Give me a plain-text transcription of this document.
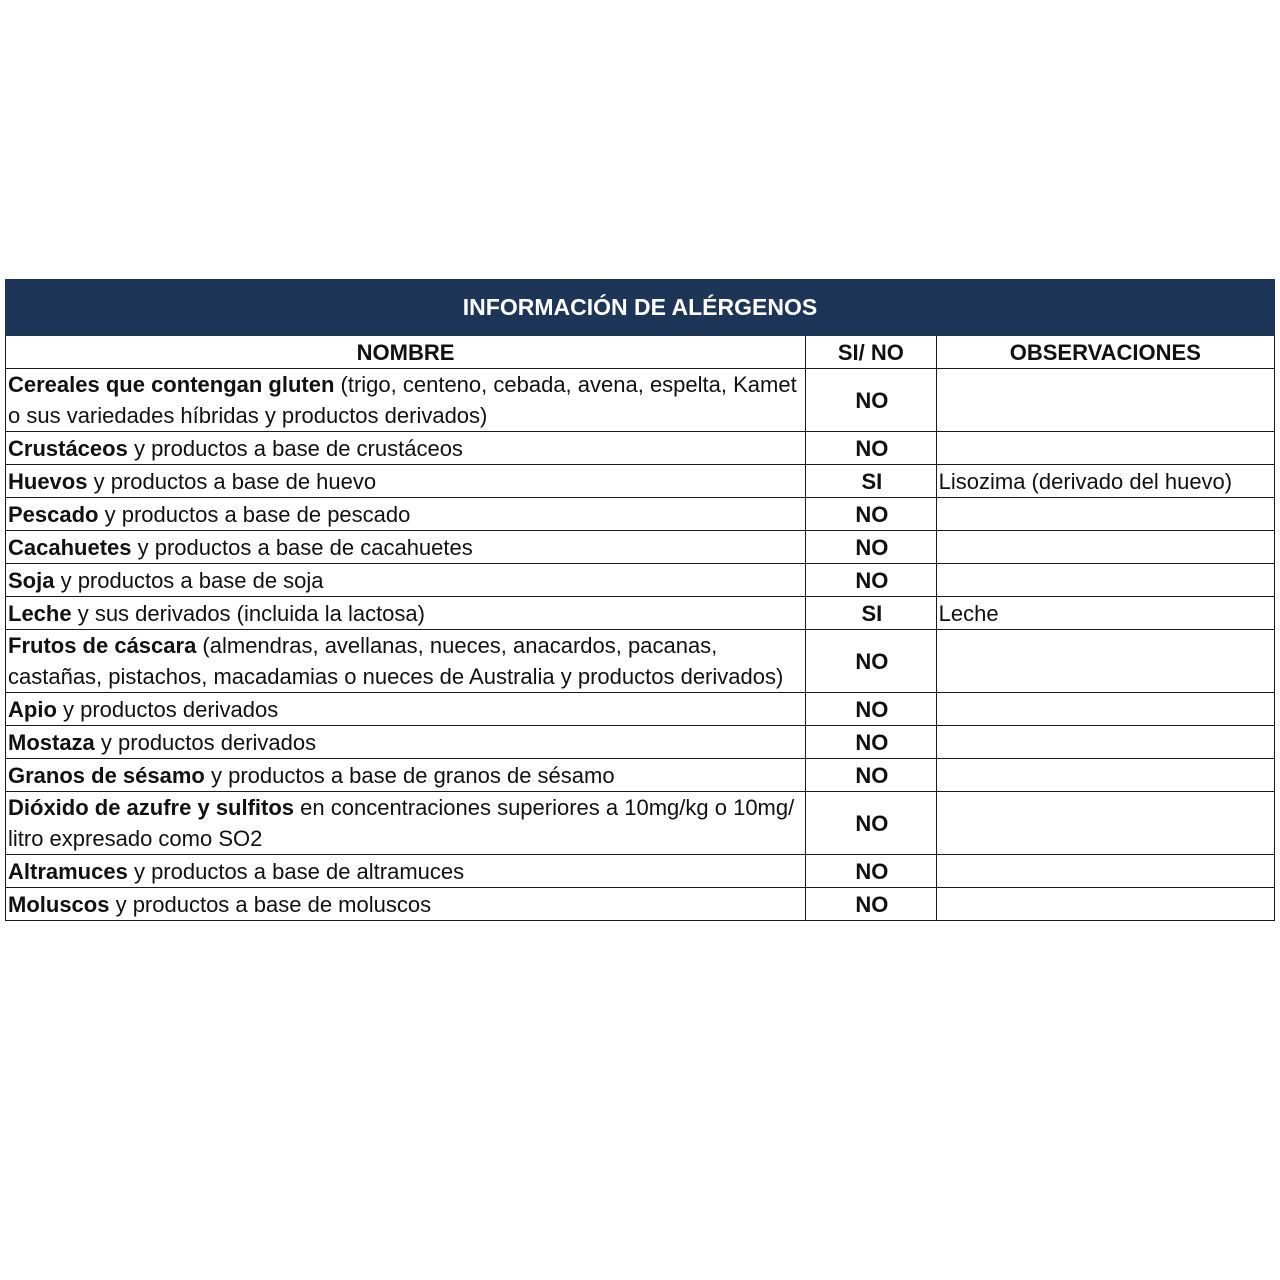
INFORMACIÓN DE ALÉRGENOS		
NOMBRE	SI/ NO	OBSERVACIONES
Cereales que contengan gluten (trigo, centeno, cebada, avena, espelta, Kamet o sus variedades híbridas y productos derivados)	NO	
Crustáceos y productos a base de crustáceos	NO	
Huevos y productos a base de huevo	SI	Lisozima (derivado del huevo)
Pescado y productos a base de pescado	NO	
Cacahuetes y productos a base de cacahuetes	NO	
Soja y productos a base de soja	NO	
Leche y sus derivados (incluida la lactosa)	SI	Leche
Frutos de cáscara (almendras, avellanas, nueces, anacardos, pacanas, castañas, pistachos, macadamias o nueces de Australia y productos derivados)	NO	
Apio y productos derivados	NO	
Mostaza y productos derivados	NO	
Granos de sésamo y productos a base de granos de sésamo	NO	
Dióxido de azufre y sulfitos en concentraciones superiores a 10mg/kg o 10mg/ litro expresado como SO2	NO	
Altramuces y productos a base de altramuces	NO	
Moluscos y productos a base de moluscos	NO	
